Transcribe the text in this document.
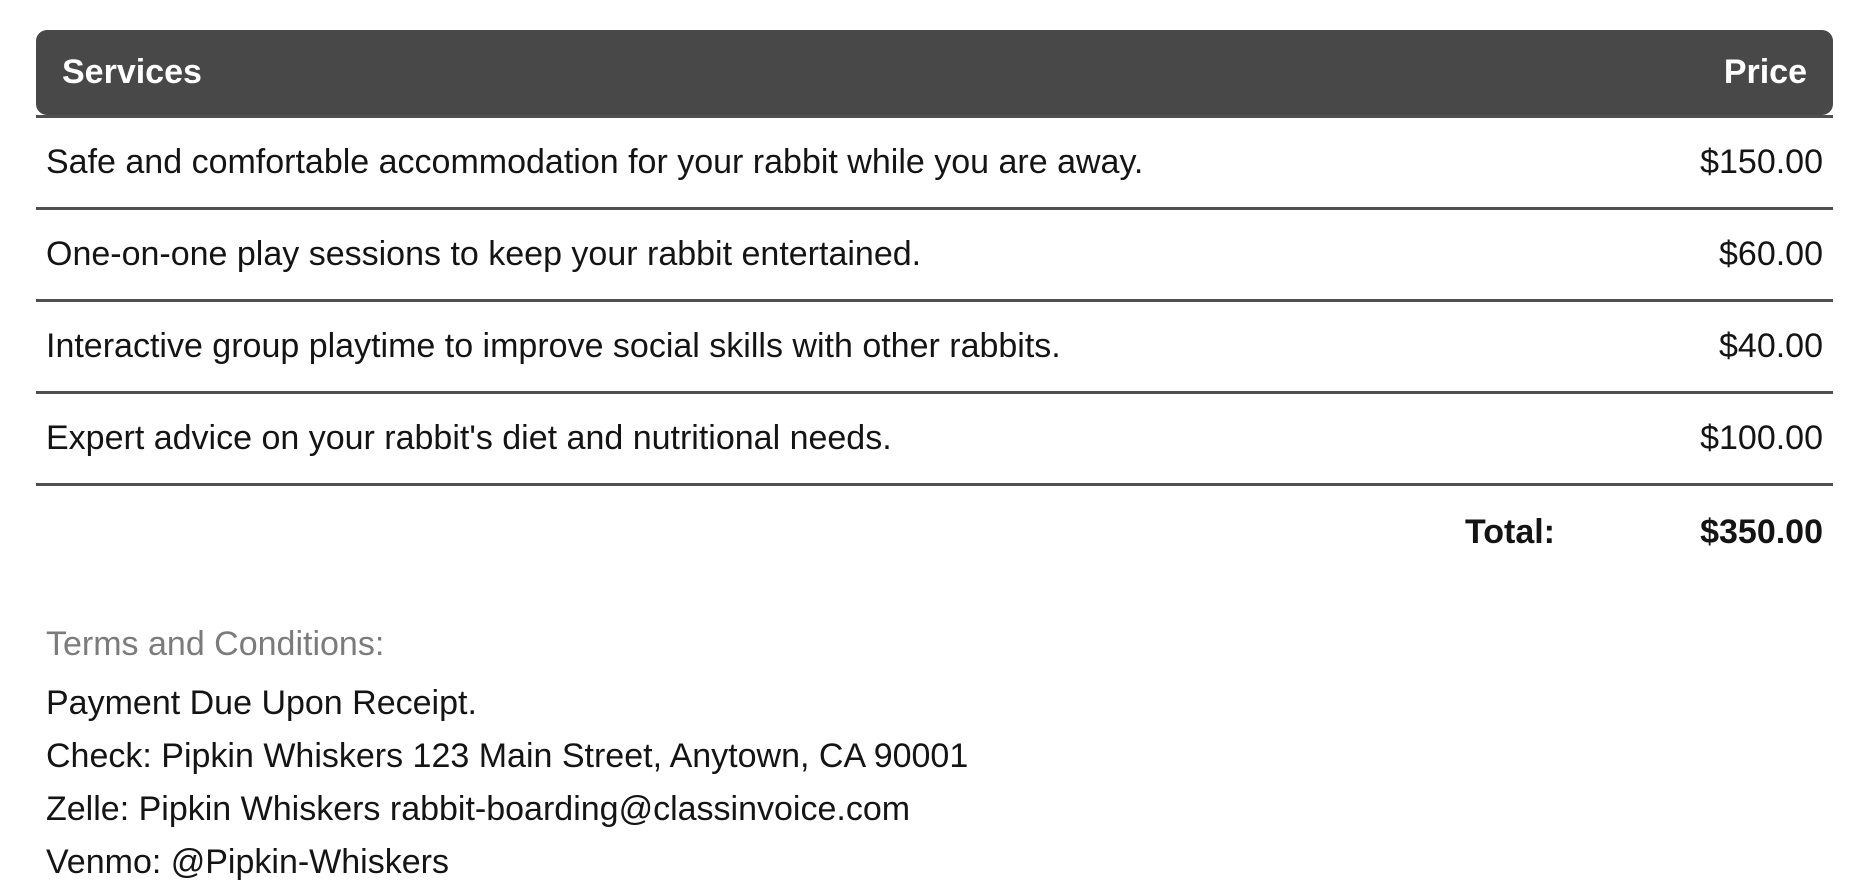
Services	Price
Safe and comfortable accommodation for your rabbit while you are away.	$150.00
One-on-one play sessions to keep your rabbit entertained.	$60.00
Interactive group playtime to improve social skills with other rabbits.	$40.00
Expert advice on your rabbit's diet and nutritional needs.	$100.00
Total:	$350.00
Terms and Conditions:
Payment Due Upon Receipt.
Check: Pipkin Whiskers 123 Main Street, Anytown, CA 90001
Zelle: Pipkin Whiskers rabbit-boarding@classinvoice.com
Venmo: @Pipkin-Whiskers
